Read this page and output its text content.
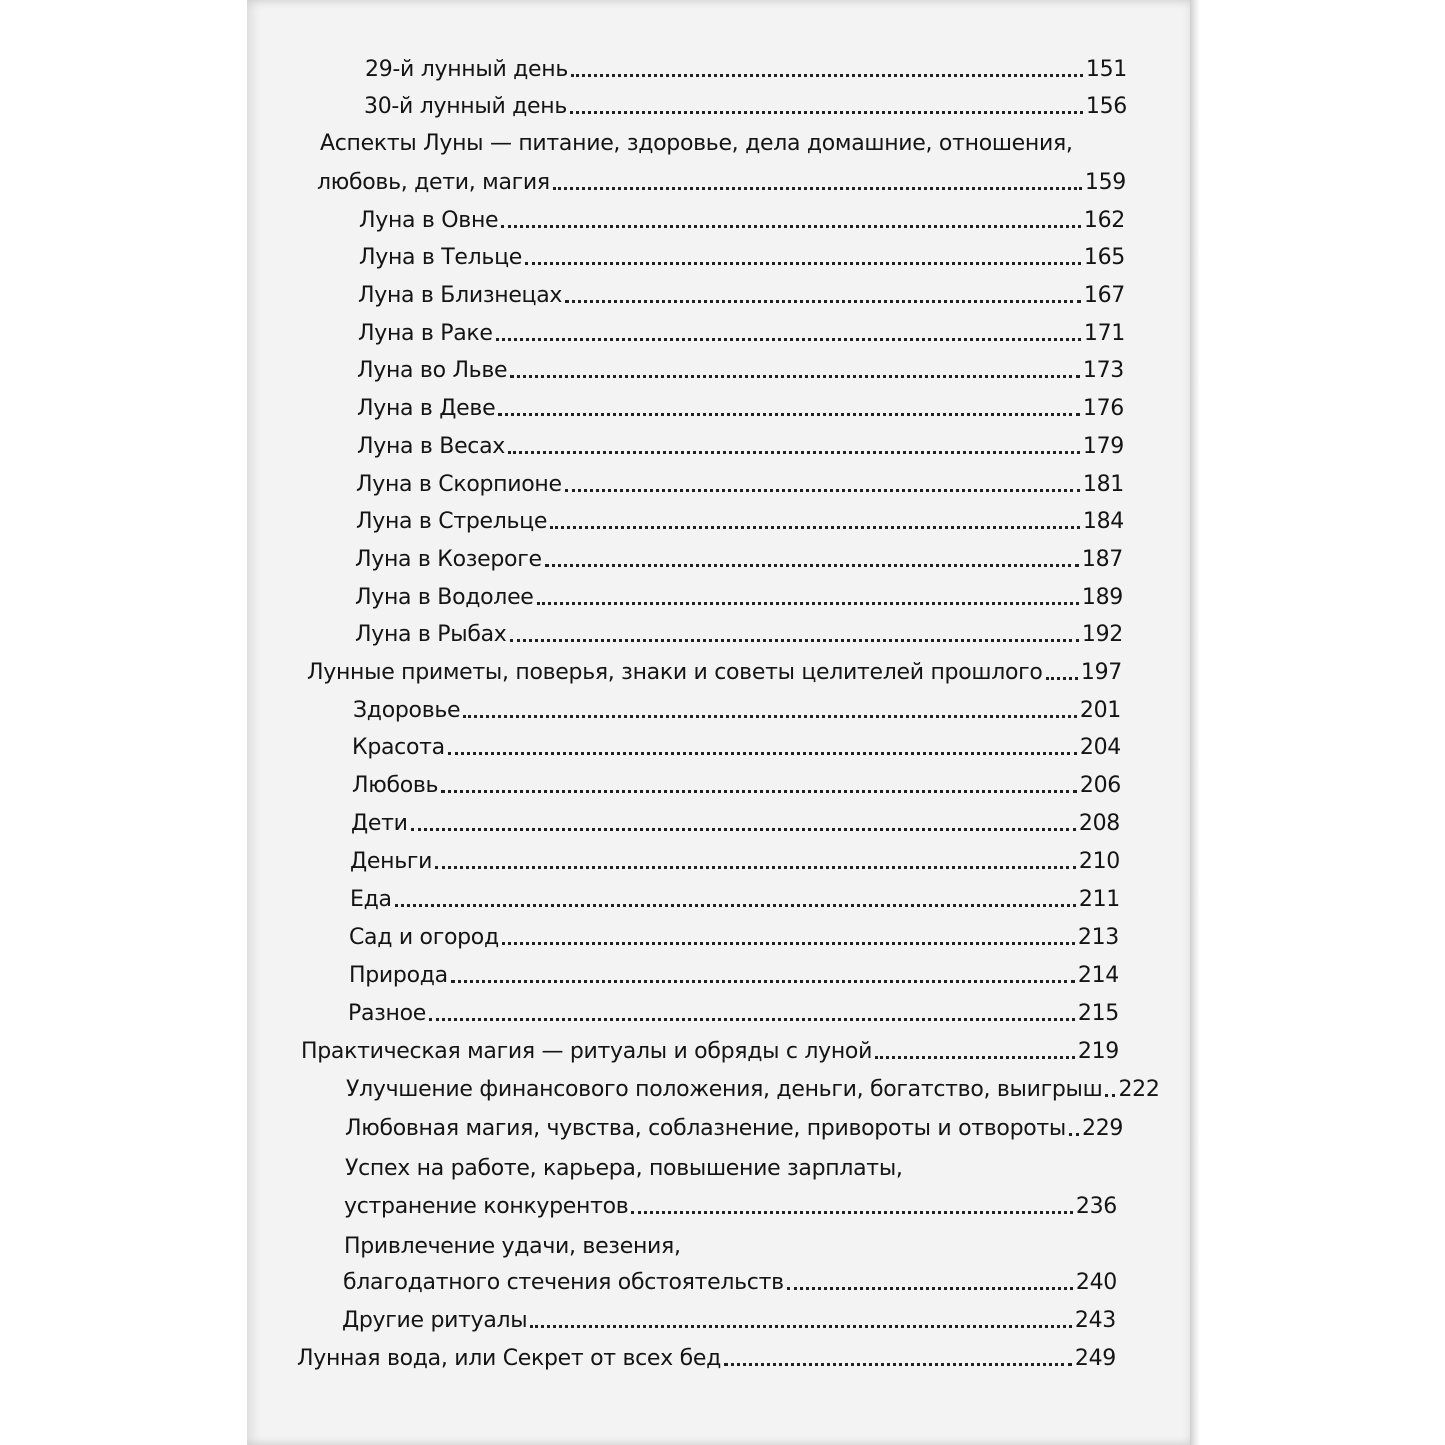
29-й лунный день	151
30-й лунный день	156
Аспекты Луны — питание, здоровье, дела домашние, отношения,
любовь, дети, магия	159
Луна в Овне	162
Луна в Тельце	165
Луна в Близнецах	167
Луна в Раке	171
Луна во Льве	173
Луна в Деве	176
Луна в Весах	179
Луна в Скорпионе	181
Луна в Стрельце	184
Луна в Козероге	187
Луна в Водолее	189
Луна в Рыбах	192
Лунные приметы, поверья, знаки и советы целителей прошлого 197
Здоровье	201
Красота	204
Любовь	206
Дети	208
Деньги	210
Еда	211
Сад и огород	213
Природа	214
Разное	215
Практическая магия — ритуалы и обряды с луной	219
Улучшение финансового положения, деньги, богатство, выигрыш 222
Любовная магия, чувства, соблазнение, привороты и отвороты 229
Успех на работе, карьера, повышение зарплаты,
устранение конкурентов	236
Привлечение удачи, везения,
благодатного стечения обстоятельств	240
Другие ритуалы	243
Лунная вода, или Секрет от всех бед	249
